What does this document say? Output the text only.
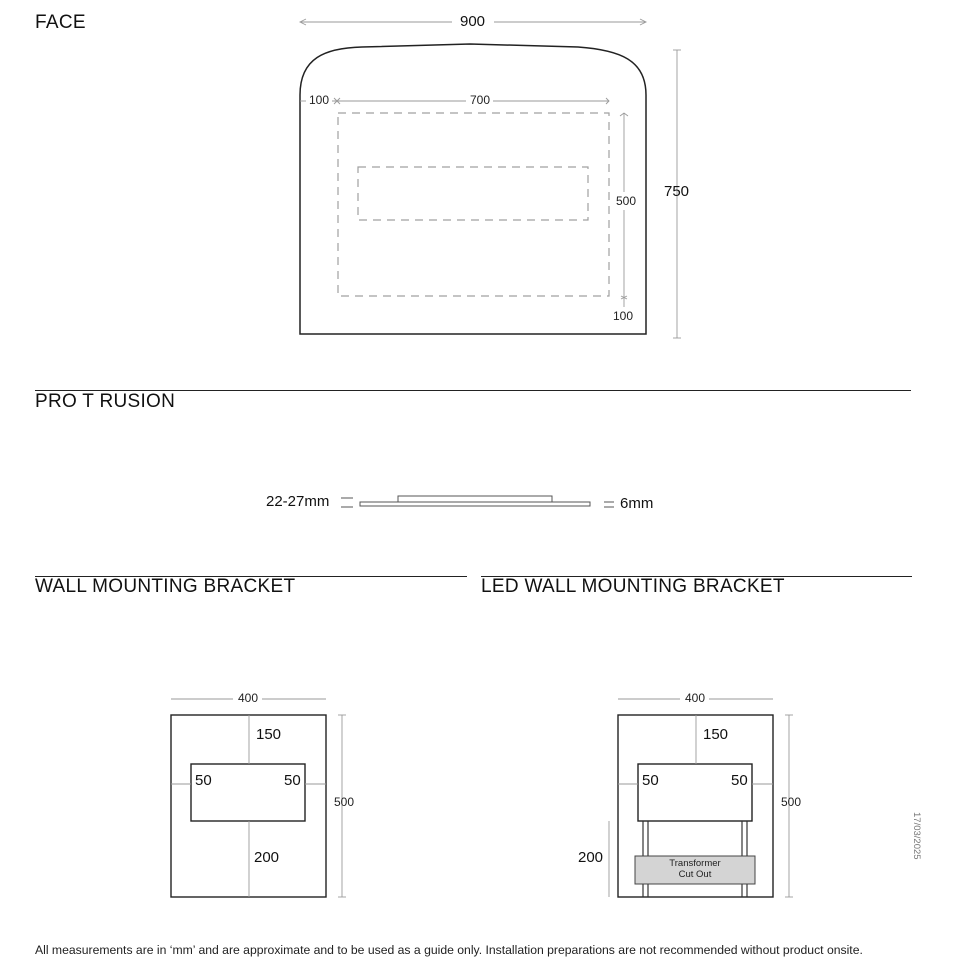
FACE	900
750
100	700
500
100
PRO T RUSION
22-27mm	6mm
WALL MOUNTING BRACKET
400
150
50	50
200
500
LED WALL MOUNTING BRACKET
400
150
50	50
200
500
Transformer
Cut Out
17/03/2025
All measurements are in ‘mm’ and are approximate and to be used as a guide only. Installation preparations are not recommended without product onsite.
